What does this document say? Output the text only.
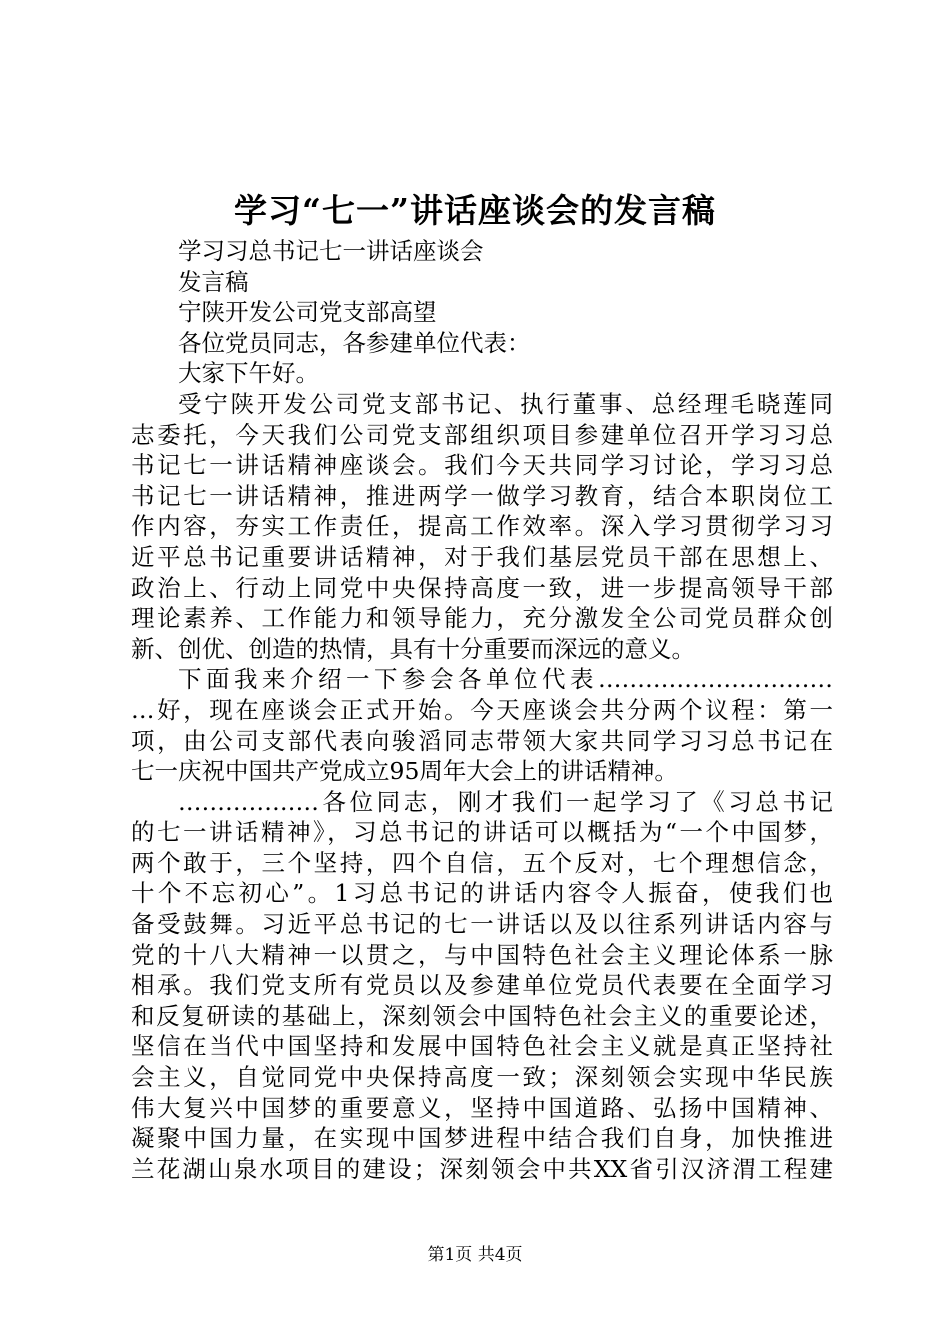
学习“七一”讲话座谈会的发言稿
学习习总书记七一讲话座谈会
发言稿
宁陕开发公司党支部高望
各位党员同志，各参建单位代表：
大家下午好。
受宁陕开发公司党支部书记、执行董事、总经理毛晓莲同
志委托，今天我们公司党支部组织项目参建单位召开学习习总
书记七一讲话精神座谈会。我们今天共同学习讨论，学习习总
书记七一讲话精神，推进两学一做学习教育，结合本职岗位工
作内容，夯实工作责任，提高工作效率。深入学习贯彻学习习
近平总书记重要讲话精神，对于我们基层党员干部在思想上、
政治上、行动上同党中央保持高度一致，进一步提高领导干部
理论素养、工作能力和领导能力，充分激发全公司党员群众创
新、创优、创造的热情，具有十分重要而深远的意义。
下面我来介绍一下参会各单位代表…………………………
…好，现在座谈会正式开始。今天座谈会共分两个议程：第一
项，由公司支部代表向骏滔同志带领大家共同学习习总书记在
七一庆祝中国共产党成立95周年大会上的讲话精神。
………………各位同志，刚才我们一起学习了《习总书记
的七一讲话精神》，习总书记的讲话可以概括为“一个中国梦，
两个敢于，三个坚持，四个自信，五个反对，七个理想信念，
十个不忘初心”。1习总书记的讲话内容令人振奋，使我们也
备受鼓舞。习近平总书记的七一讲话以及以往系列讲话内容与
党的十八大精神一以贯之，与中国特色社会主义理论体系一脉
相承。我们党支所有党员以及参建单位党员代表要在全面学习
和反复研读的基础上，深刻领会中国特色社会主义的重要论述，
坚信在当代中国坚持和发展中国特色社会主义就是真正坚持社
会主义，自觉同党中央保持高度一致；深刻领会实现中华民族
伟大复兴中国梦的重要意义，坚持中国道路、弘扬中国精神、
凝聚中国力量，在实现中国梦进程中结合我们自身，加快推进
兰花湖山泉水项目的建设；深刻领会中共XX省引汉济渭工程建
第1页 共4页
